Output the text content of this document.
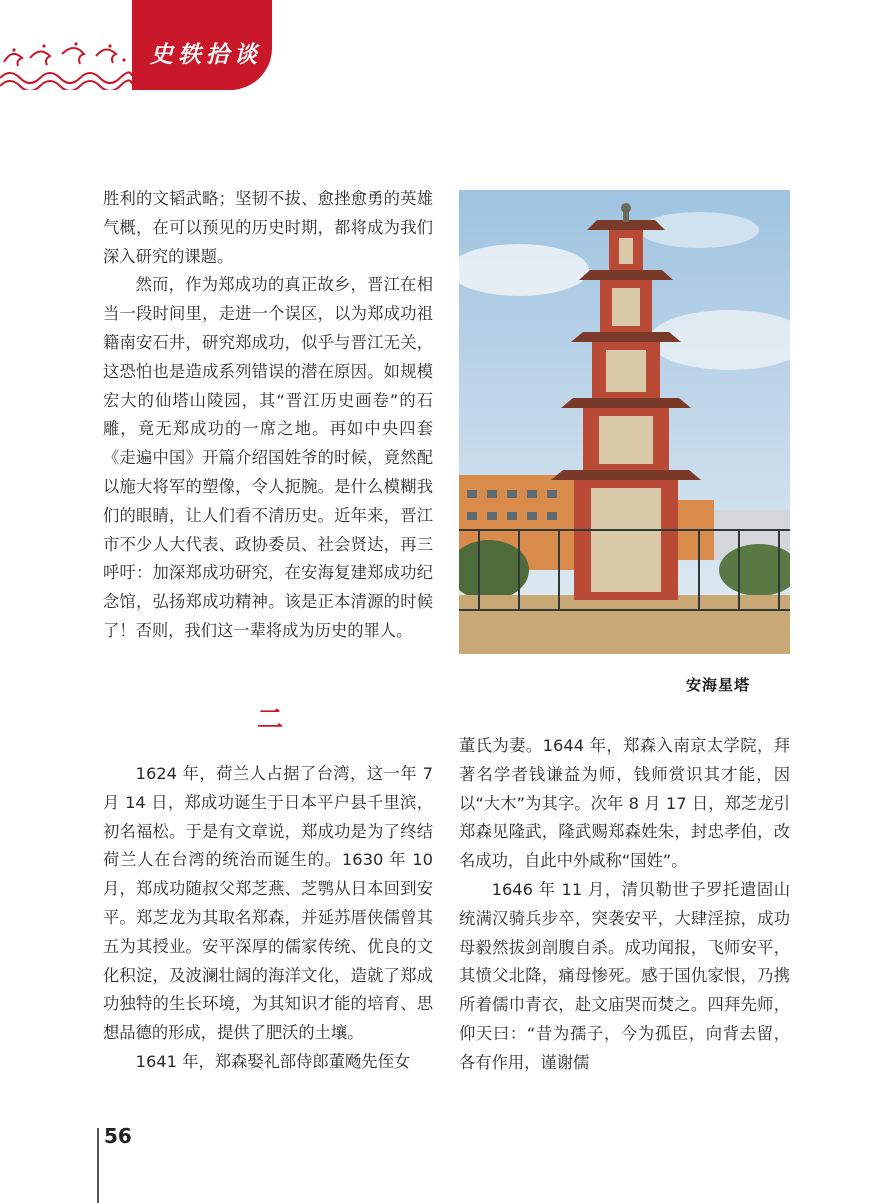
史轶拾谈

胜利的文韬武略；坚韧不拔、愈挫愈勇的英雄气概，在可以预见的历史时期，都将成为我们深入研究的课题。

然而，作为郑成功的真正故乡，晋江在相当一段时间里，走进一个误区，以为郑成功祖籍南安石井，研究郑成功，似乎与晋江无关，这恐怕也是造成系列错误的潜在原因。如规模宏大的仙塔山陵园，其“晋江历史画卷”的石雕，竟无郑成功的一席之地。再如中央四套《走遍中国》开篇介绍国姓爷的时候，竟然配以施大将军的塑像，令人扼腕。是什么模糊我们的眼睛，让人们看不清历史。近年来，晋江市不少人大代表、政协委员、社会贤达，再三呼吁：加深郑成功研究，在安海复建郑成功纪念馆，弘扬郑成功精神。该是正本清源的时候了！否则，我们这一辈将成为历史的罪人。

安海星塔
二

1624 年，荷兰人占据了台湾，这一年 7 月 14 日，郑成功诞生于日本平户县千里滨，初名福松。于是有文章说，郑成功是为了终结荷兰人在台湾的统治而诞生的。1630 年 10 月，郑成功随叔父郑芝燕、芝鹗从日本回到安平。郑芝龙为其取名郑森，并延苏厝侠儒曾其五为其授业。安平深厚的儒家传统、优良的文化积淀，及波澜壮阔的海洋文化，造就了郑成功独特的生长环境，为其知识才能的培育、思想品德的形成，提供了肥沃的土壤。

1641 年，郑森娶礼部侍郎董飏先侄女

董氏为妻。1644 年，郑森入南京太学院，拜著名学者钱谦益为师，钱师赏识其才能，因以“大木”为其字。次年 8 月 17 日，郑芝龙引郑森见隆武，隆武赐郑森姓朱，封忠孝伯，改名成功，自此中外咸称“国姓”。

1646 年 11 月，清贝勒世子罗托遣固山统满汉骑兵步卒，突袭安平，大肆淫掠，成功母毅然拔剑剖腹自杀。成功闻报，飞师安平，其愤父北降，痛母惨死。感于国仇家恨，乃携所着儒巾青衣，赴文庙哭而焚之。四拜先师，仰天曰：“昔为孺子，今为孤臣，向背去留，各有作用，谨谢儒

56
